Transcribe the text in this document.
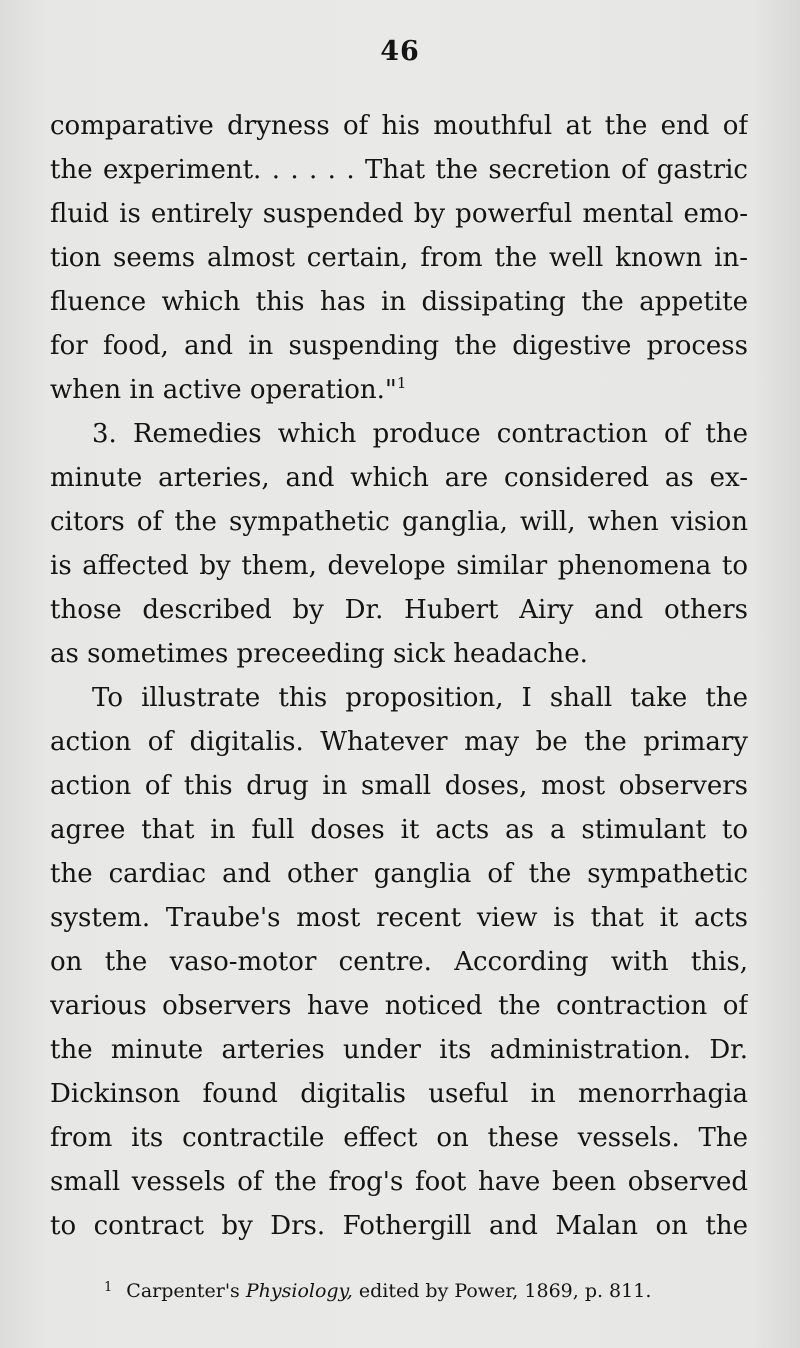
46
comparative dryness of his mouthful at the end of
the experiment. . . . . . That the secretion of gastric
fluid is entirely suspended by powerful mental emo-
tion seems almost certain, from the well known in-
fluence which this has in dissipating the appetite
for food, and in suspending the digestive process
when in active operation."$^1$
3. Remedies which produce contraction of the
minute arteries, and which are considered as ex-
citors of the sympathetic ganglia, will, when vision
is affected by them, develope similar phenomena to
those described by Dr. Hubert Airy and others
as sometimes preceeding sick headache.
To illustrate this proposition, I shall take the
action of digitalis. Whatever may be the primary
action of this drug in small doses, most observers
agree that in full doses it acts as a stimulant to
the cardiac and other ganglia of the sympathetic
system. Traube's most recent view is that it acts
on the vaso-motor centre. According with this,
various observers have noticed the contraction of
the minute arteries under its administration. Dr.
Dickinson found digitalis useful in menorrhagia
from its contractile effect on these vessels. The
small vessels of the frog's foot have been observed
to contract by Drs. Fothergill and Malan on the
$^1$ Carpenter's Physiology, edited by Power, 1869, p. 811.
